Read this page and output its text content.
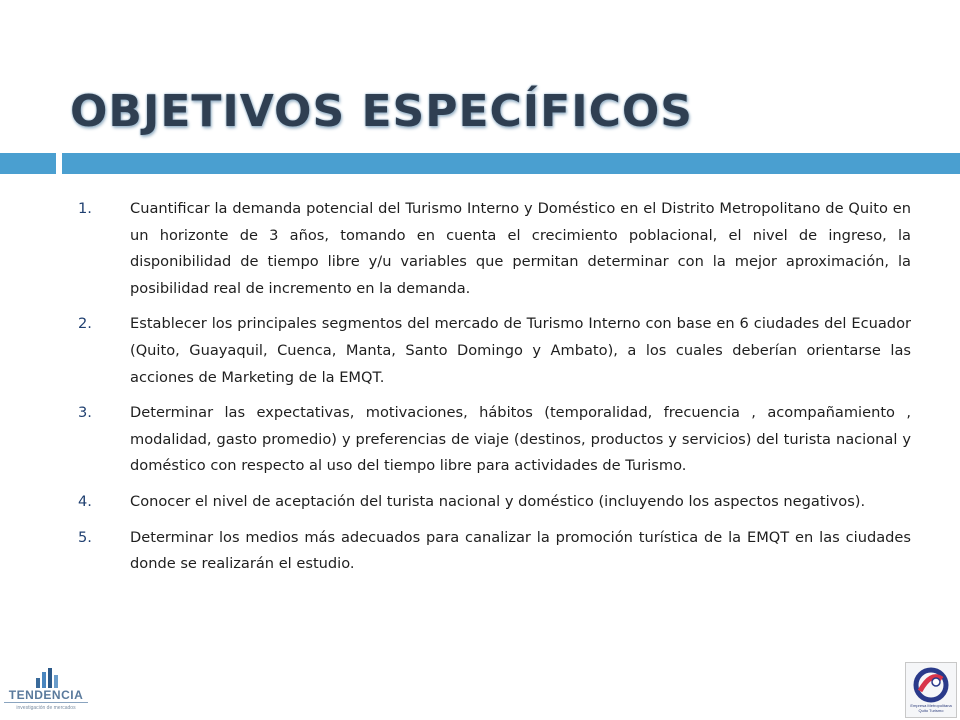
OBJETIVOS ESPECÍFICOS
1.	Cuantificar la demanda potencial del Turismo Interno y Doméstico en el Distrito Metropolitano de Quito en un horizonte de 3 años, tomando en cuenta el crecimiento poblacional, el nivel de ingreso, la disponibilidad de tiempo libre y/u variables que permitan determinar con la mejor aproximación, la posibilidad real de incremento en la demanda.
2.	Establecer los principales segmentos del mercado de Turismo Interno con base en 6 ciudades del Ecuador (Quito, Guayaquil, Cuenca, Manta, Santo Domingo y Ambato), a los cuales deberían orientarse las acciones de Marketing de la EMQT.
3.	Determinar las expectativas, motivaciones, hábitos (temporalidad, frecuencia , acompañamiento , modalidad, gasto promedio) y preferencias de viaje (destinos, productos y servicios) del turista nacional y doméstico con respecto al uso del tiempo libre para actividades de Turismo.
4.	Conocer el nivel de aceptación del turista nacional y doméstico (incluyendo los aspectos negativos).
5.	Determinar los medios más adecuados para canalizar la promoción turística de la EMQT en las ciudades donde se realizarán el estudio.
TENDENCIA
investigación de mercados	Empresa Metropolitana Quito Turismo
